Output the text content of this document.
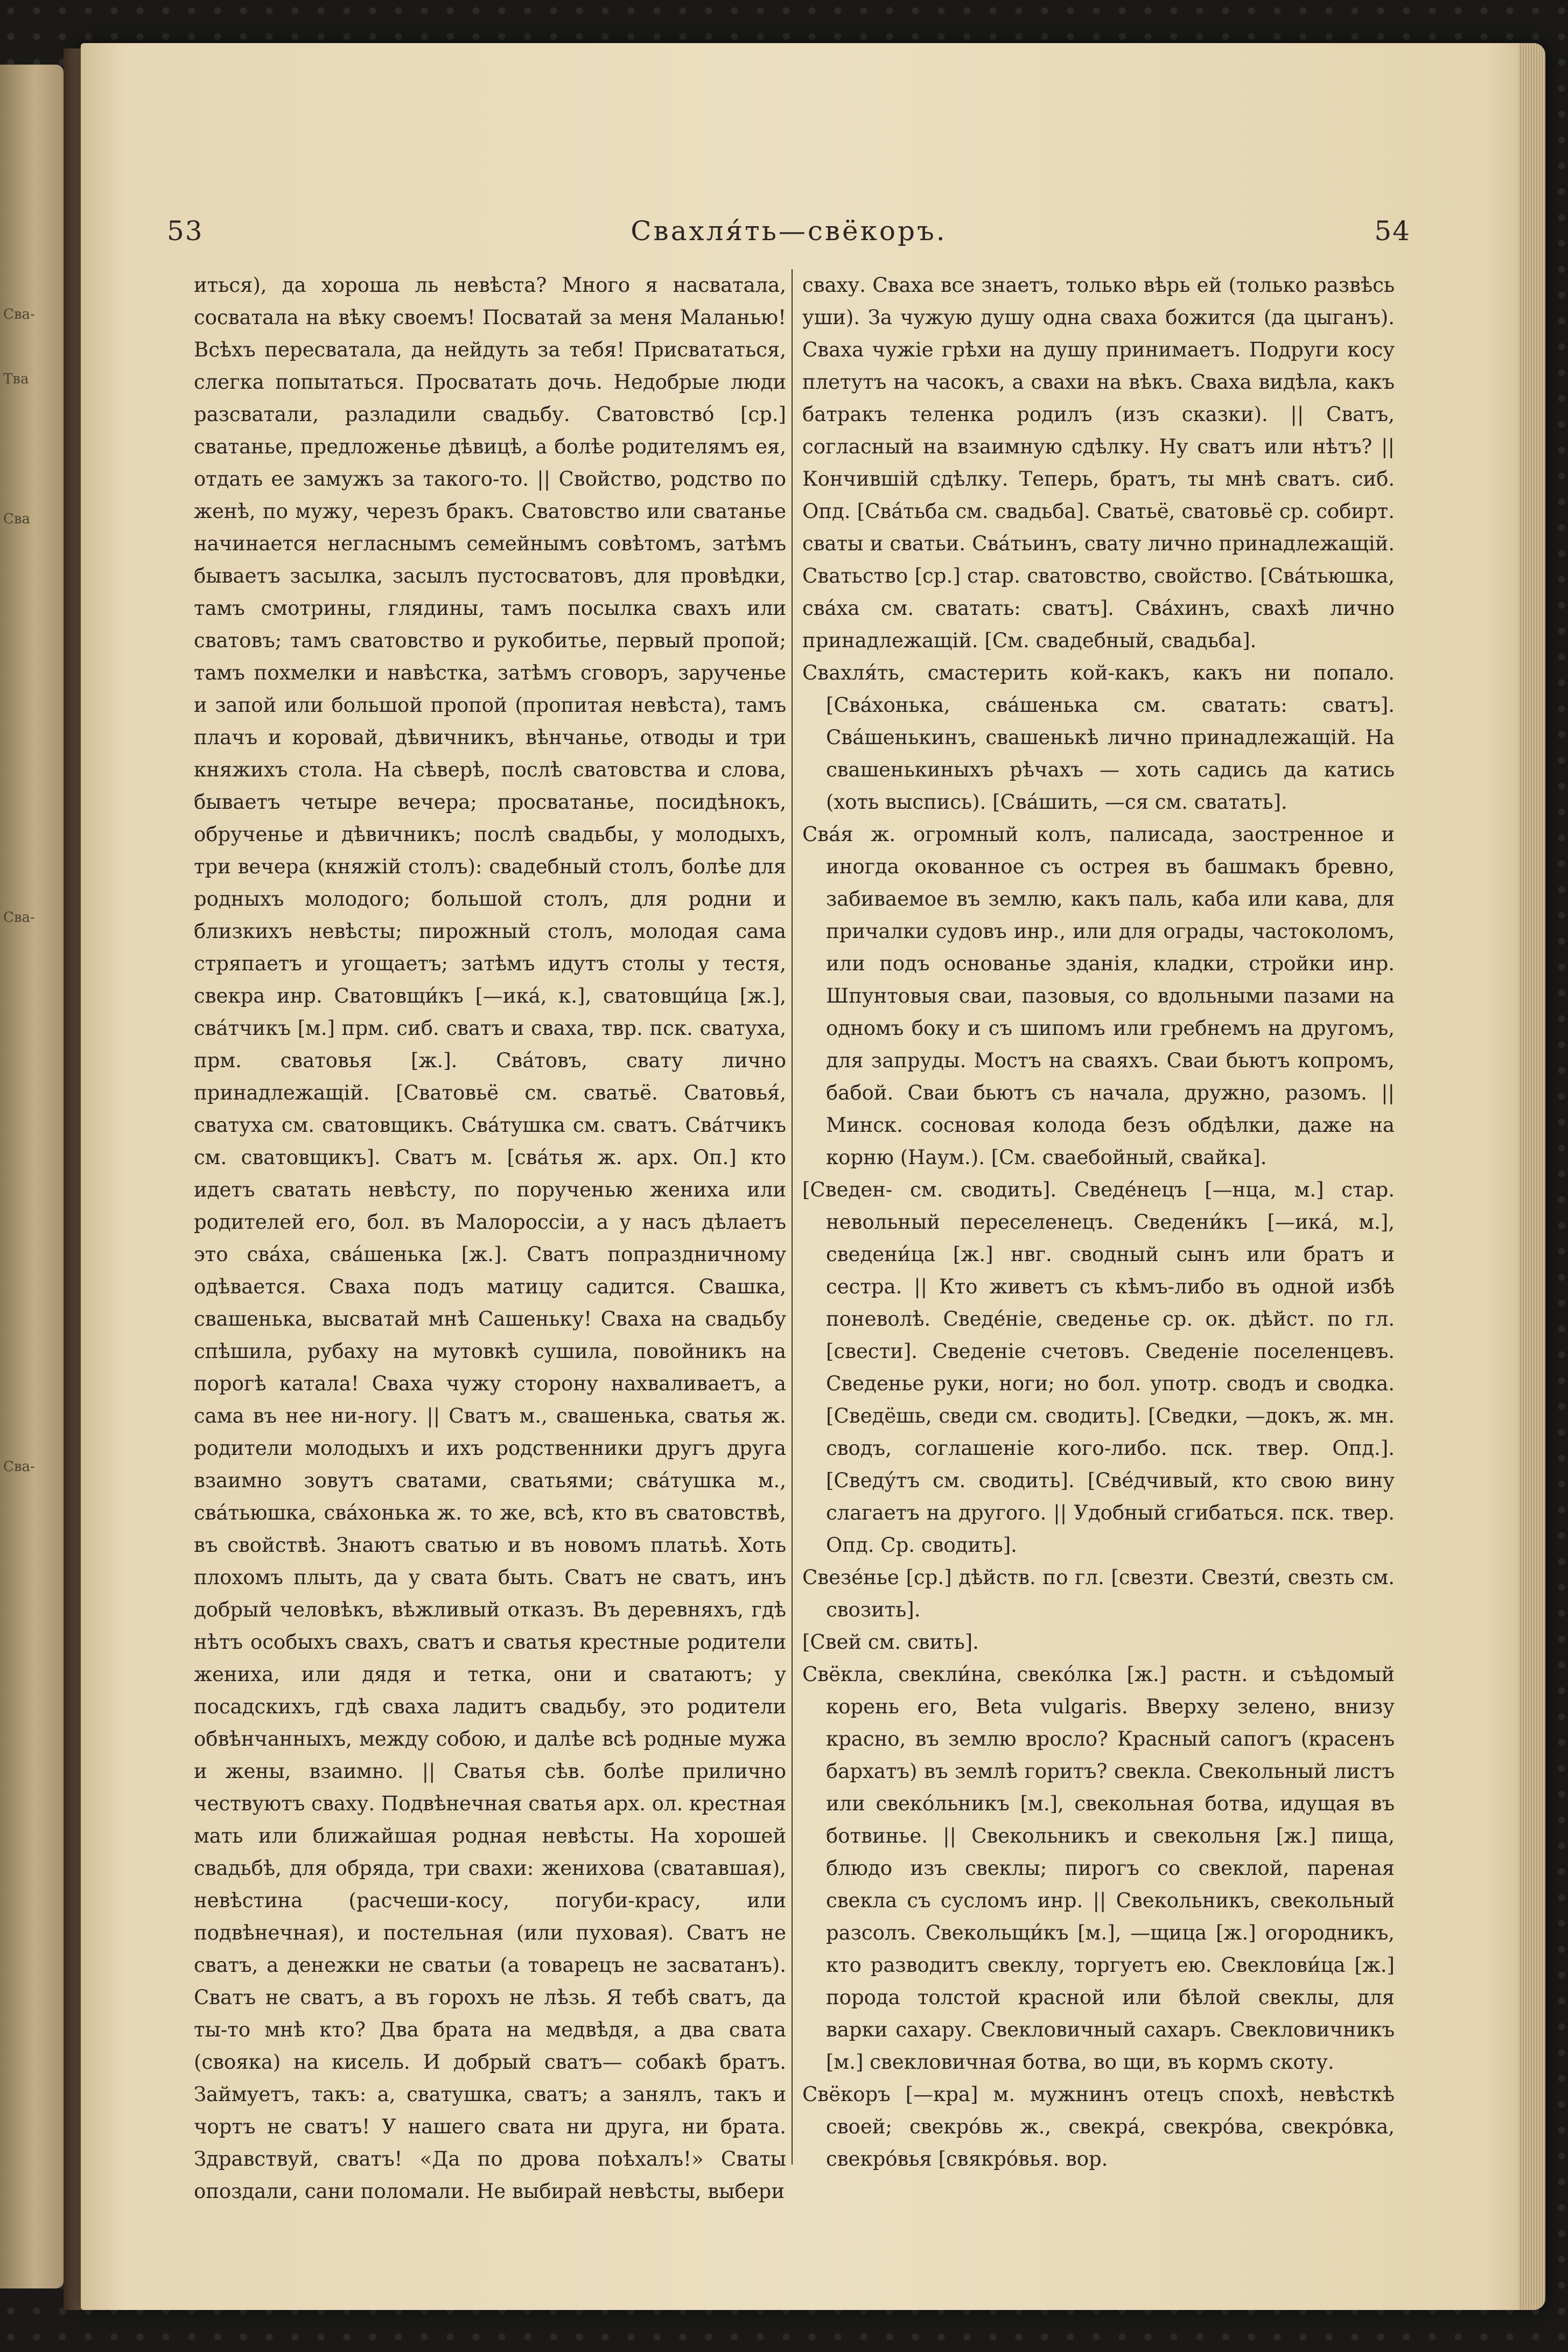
Сва-
Тва
Сва
Сва-
Сва-
53	Свахля́ть—свёкоръ.	54

иться), да хороша ль невѣста? Много я насватала, сосватала на вѣку своемъ! Посватай за меня Маланью! Всѣхъ пересватала, да нейдуть за тебя! Присвататься, слегка попытаться. Просватать дочь. Недобрые люди разсватали, разладили свадьбу. Сватовство́ [ср.] сватанье, предложенье дѣвицѣ, а болѣе родителямъ ея, отдать ее замужъ за такого-то. || Свойство, родство по женѣ, по мужу, черезъ бракъ. Сватовство или сватанье начинается негласнымъ семейнымъ совѣтомъ, затѣмъ бываетъ засылка, засылъ пустосватовъ, для провѣдки, тамъ смотрины, глядины, тамъ посылка свахъ или сватовъ; тамъ сватовство и рукобитье, первый пропой; тамъ похмелки и навѣстка, затѣмъ сговоръ, зарученье и запой или большой пропой (пропитая невѣста), тамъ плачъ и коровай, дѣвичникъ, вѣнчанье, отводы и три княжихъ стола. На сѣверѣ, послѣ сватовства и слова, бываетъ четыре вечера; просватанье, посидѣнокъ, обрученье и дѣвичникъ; послѣ свадьбы, у молодыхъ, три вечера (княжій столъ): свадебный столъ, болѣе для родныхъ молодого; большой столъ, для родни и близкихъ невѣсты; пирожный столъ, молодая сама стряпаетъ и угощаетъ; затѣмъ идутъ столы у тестя, свекра инр. Сватовщи́къ [—ика́, к.], сватовщи́ца [ж.], сва́тчикъ [м.] прм. сиб. сватъ и сваха, твр. пск. сватуха, прм. сватовья [ж.]. Сва́товъ, свату лично принадлежащій. [Сватовьё см. сватьё. Сватовья́, сватуха см. сватовщикъ. Сва́тушка см. сватъ. Сва́тчикъ см. сватовщикъ]. Сватъ м. [сва́тья ж. арх. Оп.] кто идетъ сватать невѣсту, по порученью жениха или родителей его, бол. въ Малороссіи, а у насъ дѣлаетъ это сва́ха, сва́шенька [ж.]. Сватъ попраздничному одѣвается. Сваха подъ матицу садится. Свашка, свашенька, высватай мнѣ Сашеньку! Сваха на свадьбу спѣшила, рубаху на мутовкѣ сушила, повойникъ на порогѣ катала! Сваха чужу сторону нахваливаетъ, а сама въ нее ни-ногу. || Сватъ м., свашенька, сватья ж. родители молодыхъ и ихъ родственники другъ друга взаимно зовутъ сватами, сватьями; сва́тушка м., сва́тьюшка, сва́хонька ж. то же, всѣ, кто въ сватовствѣ, въ свойствѣ. Знаютъ сватью и въ новомъ платьѣ. Хоть плохомъ плыть, да у свата быть. Сватъ не сватъ, инъ добрый человѣкъ, вѣжливый отказъ. Въ деревняхъ, гдѣ нѣтъ особыхъ свахъ, сватъ и сватья крестные родители жениха, или дядя и тетка, они и сватаютъ; у посадскихъ, гдѣ сваха ладитъ свадьбу, это родители обвѣнчанныхъ, между собою, и далѣе всѣ родные мужа и жены, взаимно. || Сватья сѣв. болѣе прилично чествуютъ сваху. Подвѣнечная сватья арх. ол. крестная мать или ближайшая родная невѣсты. На хорошей свадьбѣ, для обряда, три свахи: женихова (сватавшая), невѣстина (расчеши-косу, погуби-красу, или подвѣнечная), и постельная (или пуховая). Сватъ не сватъ, а денежки не сватьи (а товарецъ не засватанъ). Сватъ не сватъ, а въ горохъ не лѣзь. Я тебѣ сватъ, да ты-то мнѣ кто? Два брата на медвѣдя, а два свата (своякa) на кисель. И добрый сватъ— собакѣ братъ. Займуетъ, такъ: а, сватушка, сватъ; а занялъ, такъ и чортъ не сватъ! У нашего свата ни друга, ни брата. Здравствуй, сватъ! «Да по дрова поѣхалъ!» Сваты опоздали, сани поломали. Не выбирай невѣсты, выбери

сваху. Сваха все знаетъ, только вѣрь ей (только развѣсь уши). За чужую душу одна сваха божится (да цыганъ). Сваха чужіе грѣхи на душу принимаетъ. Подруги косу плетутъ на часокъ, а свахи на вѣкъ. Сваха видѣла, какъ батракъ теленка родилъ (изъ сказки). || Сватъ, согласный на взаимную сдѣлку. Ну сватъ или нѣтъ? || Кончившій сдѣлку. Теперь, братъ, ты мнѣ сватъ. сиб. Опд. [Сва́тьба см. свадьба]. Сватьё, сватовьё ср. собирт. сваты и сватьи. Сва́тьинъ, свату лично принадлежащій. Сватьство [ср.] стар. сватовство, свойство. [Сва́тьюшка, сва́ха см. сватать: сватъ]. Сва́хинъ, свахѣ лично принадлежащій. [См. свадебный, свадьба].

Свахля́ть, смастерить кой-какъ, какъ ни попало. [Сва́хонька, сва́шенька см. сватать: сватъ]. Сва́шенькинъ, свашенькѣ лично принадлежащій. На свашенькиныхъ рѣчахъ — хоть садись да катись (хоть выспись). [Сва́шить, —ся см. сватать].

Сва́я ж. огромный колъ, палисада, заостренное и иногда окованное съ острея въ башмакъ бревно, забиваемое въ землю, какъ паль, каба или кава, для причалки судовъ инр., или для ограды, частоколомъ, или подъ основанье зданія, кладки, стройки инр. Шпунтовыя сваи, пазовыя, со вдольными пазами на одномъ боку и съ шипомъ или гребнемъ на другомъ, для запруды. Мостъ на сваяхъ. Сваи бьютъ копромъ, бабой. Сваи бьютъ съ начала, дружно, разомъ. || Минск. сосновая колода безъ обдѣлки, даже на корню (Наум.). [См. сваебойный, свайка].

[Сведен- см. сводить]. Сведе́нецъ [—нца, м.] стар. невольный переселенецъ. Сведени́къ [—ика́, м.], сведени́ца [ж.] нвг. сводный сынъ или братъ и сестра. || Кто живетъ съ кѣмъ-либо въ одной избѣ поневолѣ. Сведе́ніе, сведенье ср. ок. дѣйст. по гл. [свести]. Сведеніе счетовъ. Сведеніе поселенцевъ. Сведенье руки, ноги; но бол. употр. сводъ и сводка. [Сведёшь, сведи см. сводить]. [Сведки, —докъ, ж. мн. сводъ, соглашеніе кого-либо. пск. твер. Опд.]. [Сведу́тъ см. сводить]. [Све́дчивый, кто свою вину слагаетъ на другого. || Удобный сгибаться. пск. твер. Опд. Ср. сводить].

Свезе́нье [ср.] дѣйств. по гл. [свезти. Свезти́, свезть см. свозить].

[Свей см. свить].

Свёкла, свекли́на, свеко́лка [ж.] растн. и съѣдомый корень его, Beta vulgaris. Вверху зелено, внизу красно, въ землю вросло? Красный сапогъ (красенъ бархатъ) въ землѣ горитъ? свекла. Свекольный листъ или свеко́льникъ [м.], свекольная ботва, идущая въ ботвинье. || Свекольникъ и свекольня [ж.] пища, блюдо изъ свеклы; пирогъ со свеклой, пареная свекла съ сусломъ инр. || Свекольникъ, свекольный разсолъ. Свекольщи́къ [м.], —щица [ж.] огородникъ, кто разводитъ свеклу, торгуетъ ею. Свеклови́ца [ж.] порода толстой красной или бѣлой свеклы, для варки сахару. Свекловичный сахаръ. Свекловичникъ [м.] свекловичная ботва, во щи, въ кормъ скоту.

Свёкоръ [—кра] м. мужнинъ отецъ спохѣ, невѣсткѣ своей; свекро́вь ж., свекра́, свекро́ва, свекро́вка, свекро́вья [свякро́вья. вор.
